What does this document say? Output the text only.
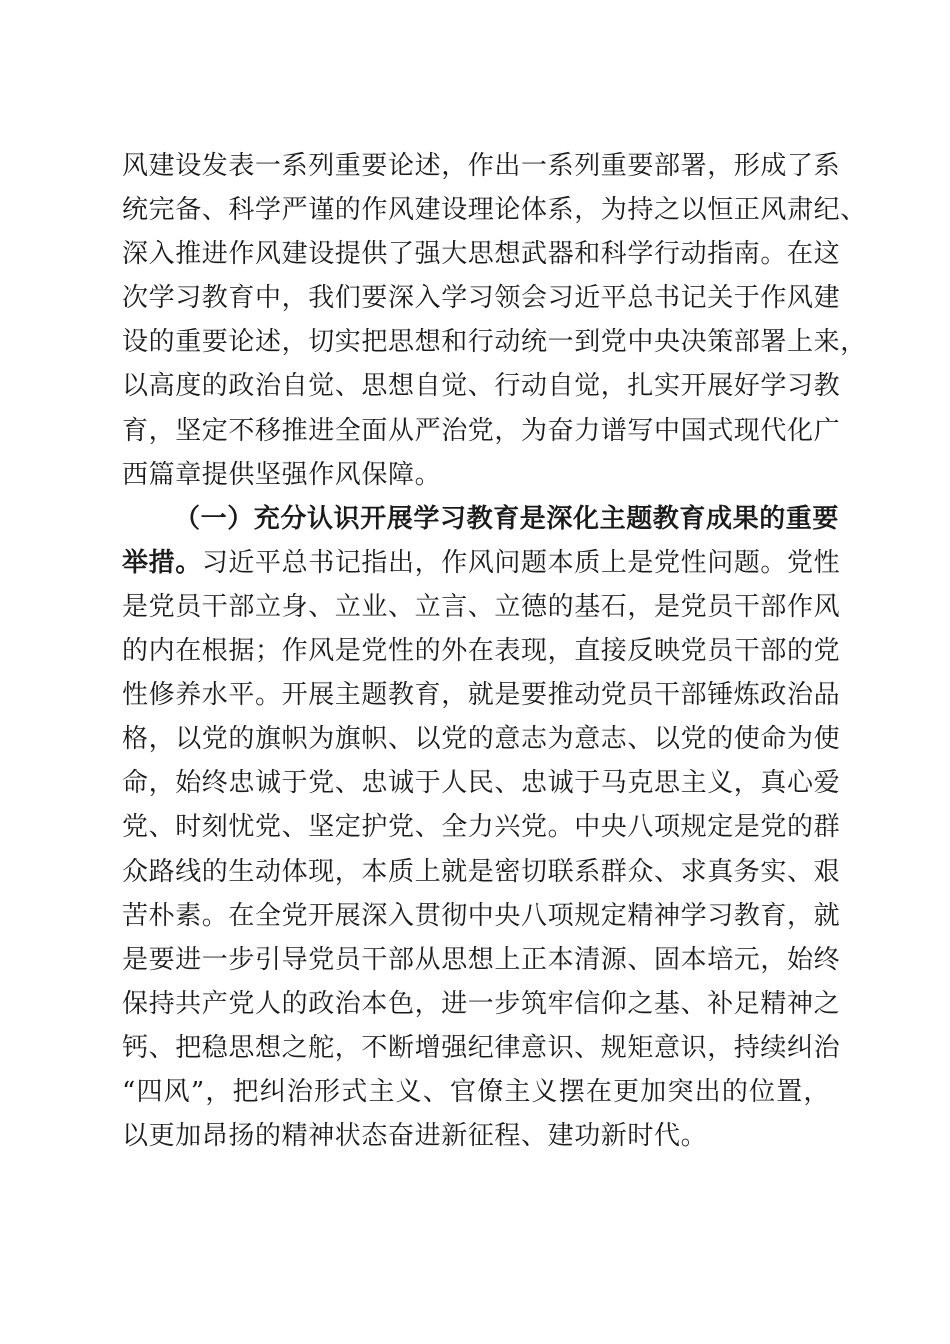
风建设发表一系列重要论述，作出一系列重要部署，形成了系
统完备、科学严谨的作风建设理论体系，为持之以恒正风肃纪、
深入推进作风建设提供了强大思想武器和科学行动指南。在这
次学习教育中，我们要深入学习领会习近平总书记关于作风建
设的重要论述，切实把思想和行动统一到党中央决策部署上来，
以高度的政治自觉、思想自觉、行动自觉，扎实开展好学习教
育，坚定不移推进全面从严治党，为奋力谱写中国式现代化广
西篇章提供坚强作风保障。
（一）充分认识开展学习教育是深化主题教育成果的重要
举措。习近平总书记指出，作风问题本质上是党性问题。党性
是党员干部立身、立业、立言、立德的基石，是党员干部作风
的内在根据；作风是党性的外在表现，直接反映党员干部的党
性修养水平。开展主题教育，就是要推动党员干部锤炼政治品
格，以党的旗帜为旗帜、以党的意志为意志、以党的使命为使
命，始终忠诚于党、忠诚于人民、忠诚于马克思主义，真心爱
党、时刻忧党、坚定护党、全力兴党。中央八项规定是党的群
众路线的生动体现，本质上就是密切联系群众、求真务实、艰
苦朴素。在全党开展深入贯彻中央八项规定精神学习教育，就
是要进一步引导党员干部从思想上正本清源、固本培元，始终
保持共产党人的政治本色，进一步筑牢信仰之基、补足精神之
钙、把稳思想之舵，不断增强纪律意识、规矩意识，持续纠治
“四风”，把纠治形式主义、官僚主义摆在更加突出的位置，
以更加昂扬的精神状态奋进新征程、建功新时代。
